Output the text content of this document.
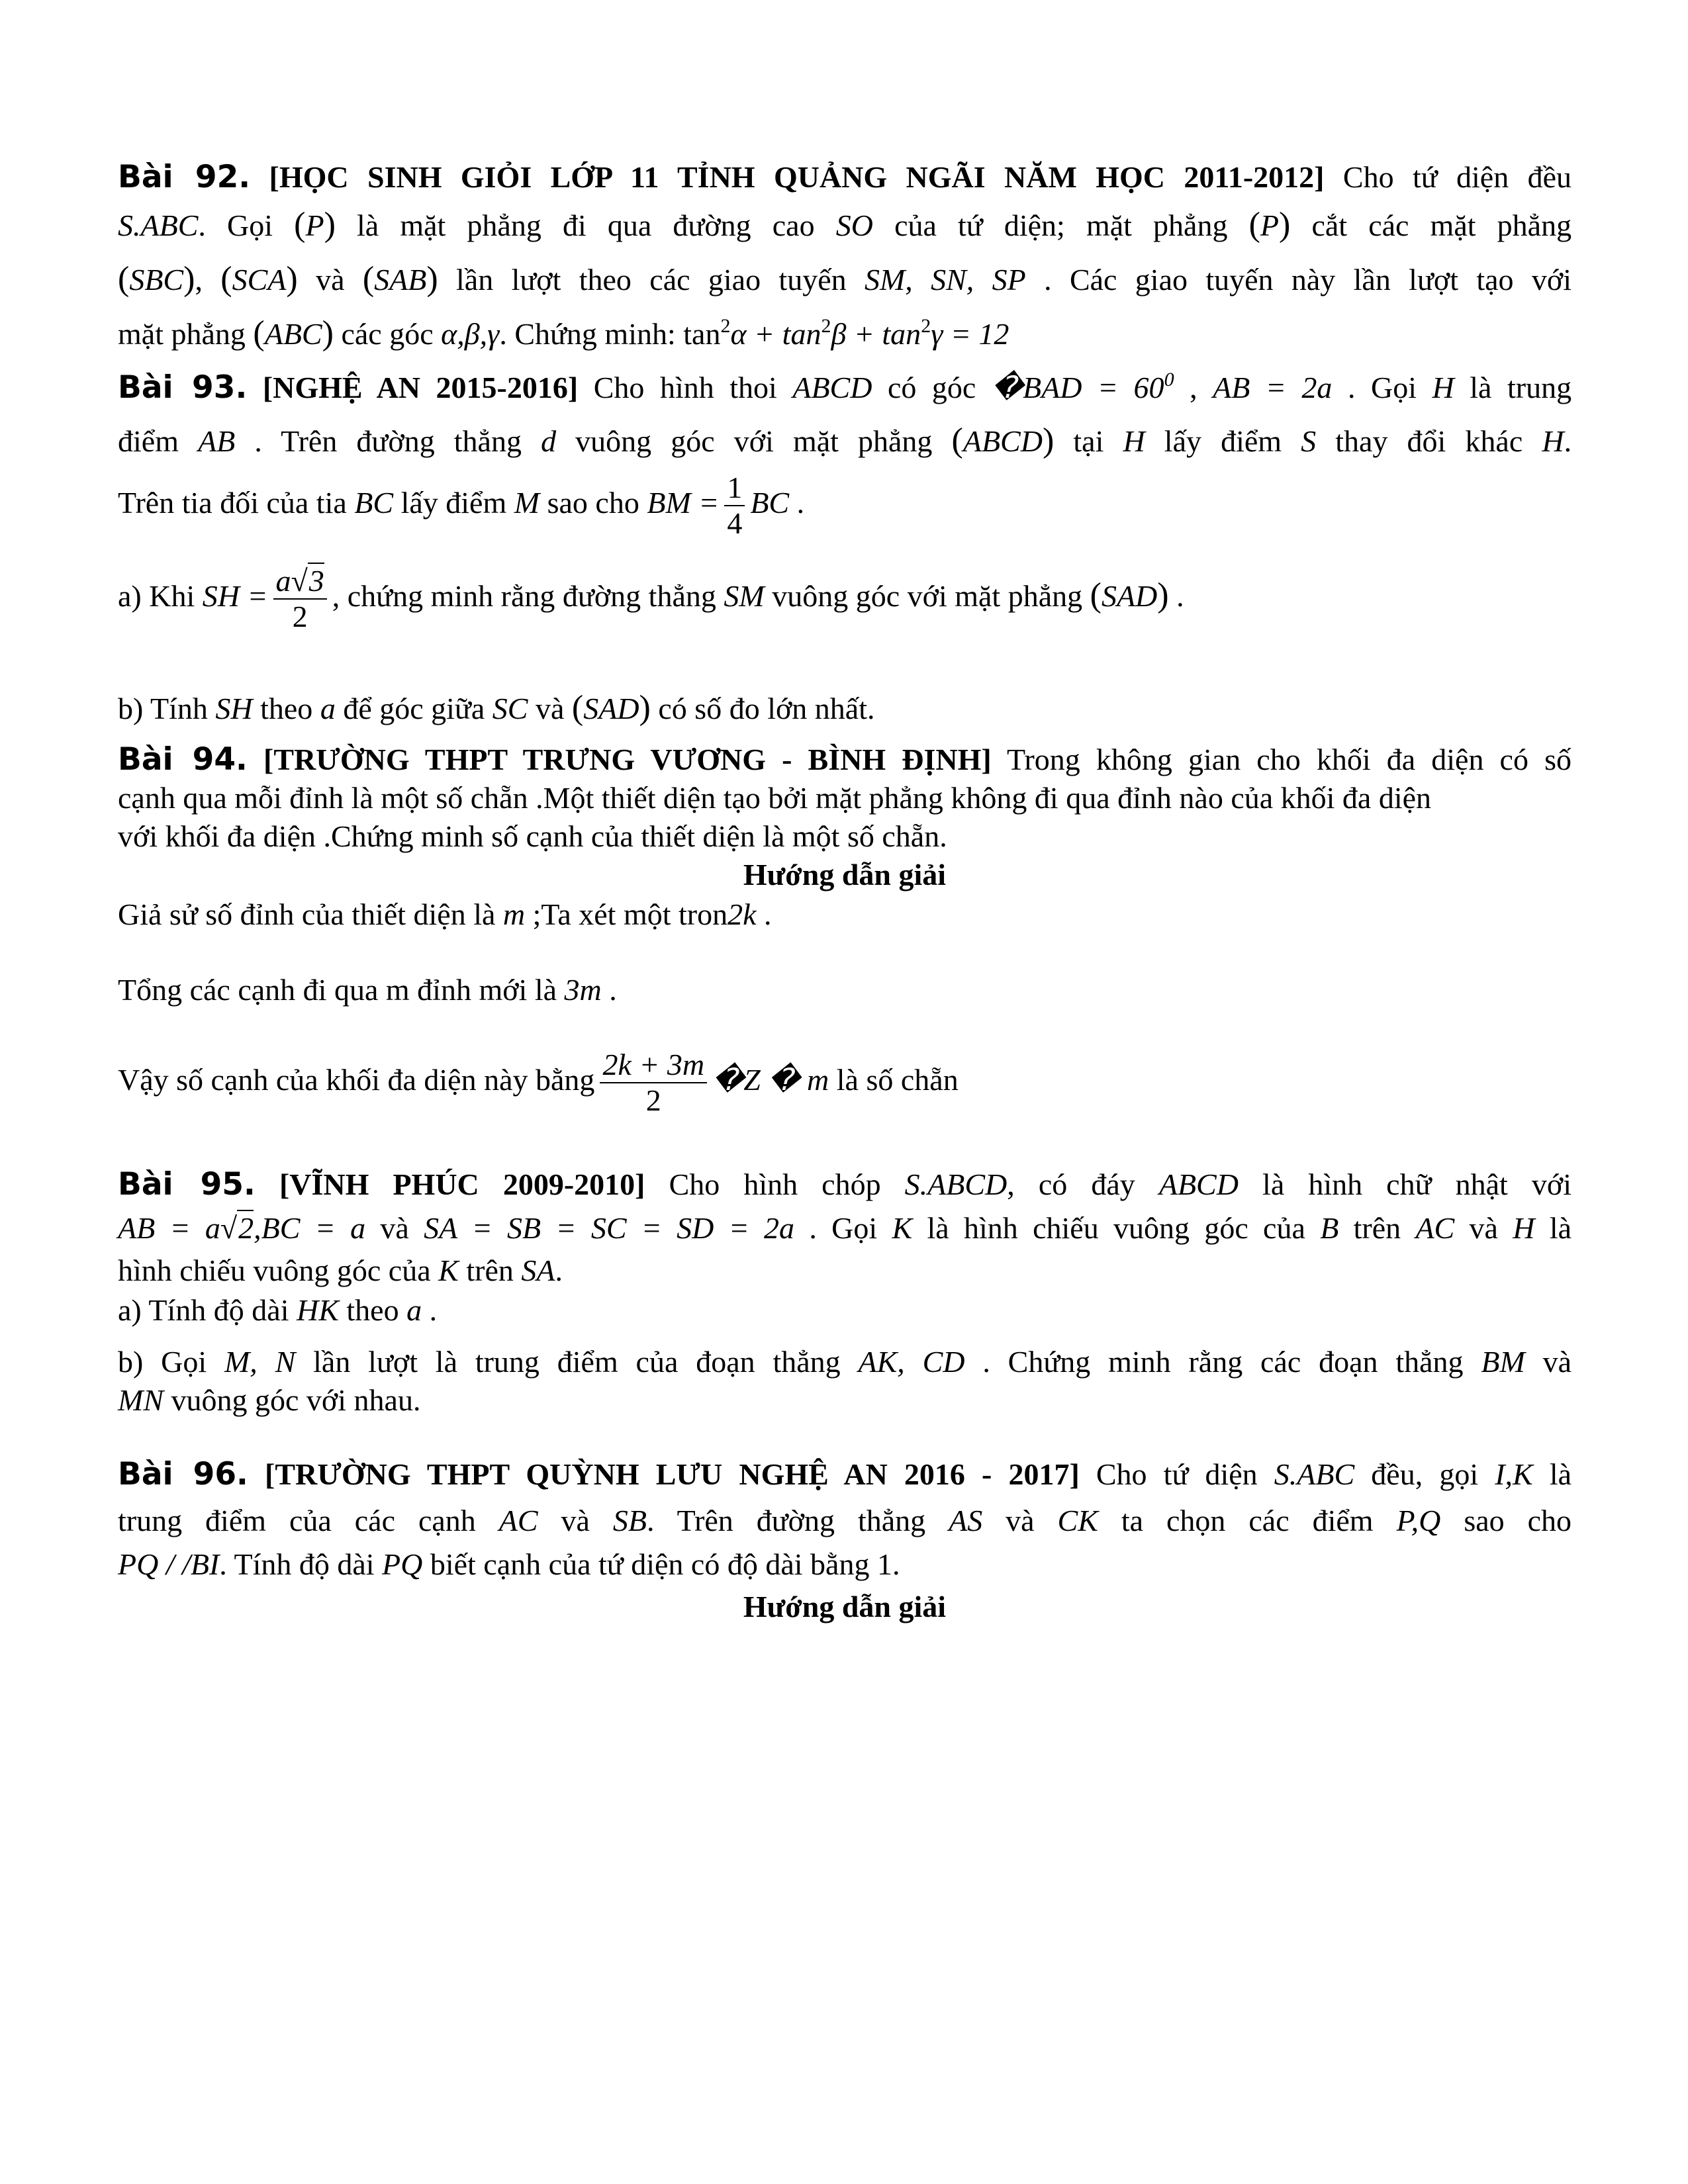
Bài 92. [HỌC SINH GIỎI LỚP 11 TỈNH QUẢNG NGÃI NĂM HỌC 2011-2012] Cho tứ diện đều
S.ABC. Gọi (P) là mặt phẳng đi qua đường cao SO của tứ diện; mặt phẳng (P) cắt các mặt phẳng
(SBC), (SCA) và (SAB) lần lượt theo các giao tuyến SM, SN, SP . Các giao tuyến này lần lượt tạo với
mặt phẳng (ABC) các góc α,β,γ. Chứng minh: $\tan^2\alpha + \tan^2\beta + \tan^2\gamma = 12$
Bài 93. [NGHỆ AN 2015-2016] Cho hình thoi ABCD có góc �BAD = $60^0$ , AB = 2a . Gọi H là trung
điểm AB . Trên đường thẳng d vuông góc với mặt phẳng (ABCD) tại H lấy điểm S thay đổi khác H.
Trên tia đối của tia BC lấy điểm M sao cho BM = $\frac{1}{4}$ BC .
a) Khi SH = $\frac{a√3}{2}$ , chứng minh rằng đường thẳng SM vuông góc với mặt phẳng (SAD) .
b) Tính SH theo a để góc giữa SC và (SAD) có số đo lớn nhất.
Bài 94. [TRƯỜNG THPT TRƯNG VƯƠNG - BÌNH ĐỊNH] Trong không gian cho khối đa diện có số
cạnh qua mỗi đỉnh là một số chẵn .Một thiết diện tạo bởi mặt phẳng không đi qua đỉnh nào của khối đa diện
với khối đa diện .Chứng minh số cạnh của thiết diện là một số chẵn.
Hướng dẫn giải
Giả sử số đỉnh của thiết diện là m ;Ta xét một tron2k .
Tổng các cạnh đi qua m đỉnh mới là 3m .
Vậy số cạnh của khối đa diện này bằng $\frac{2k + 3m}{2}$ �Z � m là số chẵn
Bài 95. [VĨNH PHÚC 2009-2010] Cho hình chóp S.ABCD, có đáy ABCD là hình chữ nhật với
AB = a√2,BC = a và SA = SB = SC = SD = 2a . Gọi K là hình chiếu vuông góc của B trên AC và H là
hình chiếu vuông góc của K trên SA.
a) Tính độ dài HK theo a .
b) Gọi M, N lần lượt là trung điểm của đoạn thẳng AK, CD . Chứng minh rằng các đoạn thẳng BM và
MN vuông góc với nhau.
Bài 96. [TRƯỜNG THPT QUỲNH LƯU NGHỆ AN 2016 - 2017] Cho tứ diện S.ABC đều, gọi I,K là
trung điểm của các cạnh AC và SB. Trên đường thẳng AS và CK ta chọn các điểm P,Q sao cho
PQ / /BI. Tính độ dài PQ biết cạnh của tứ diện có độ dài bằng 1.
Hướng dẫn giải
